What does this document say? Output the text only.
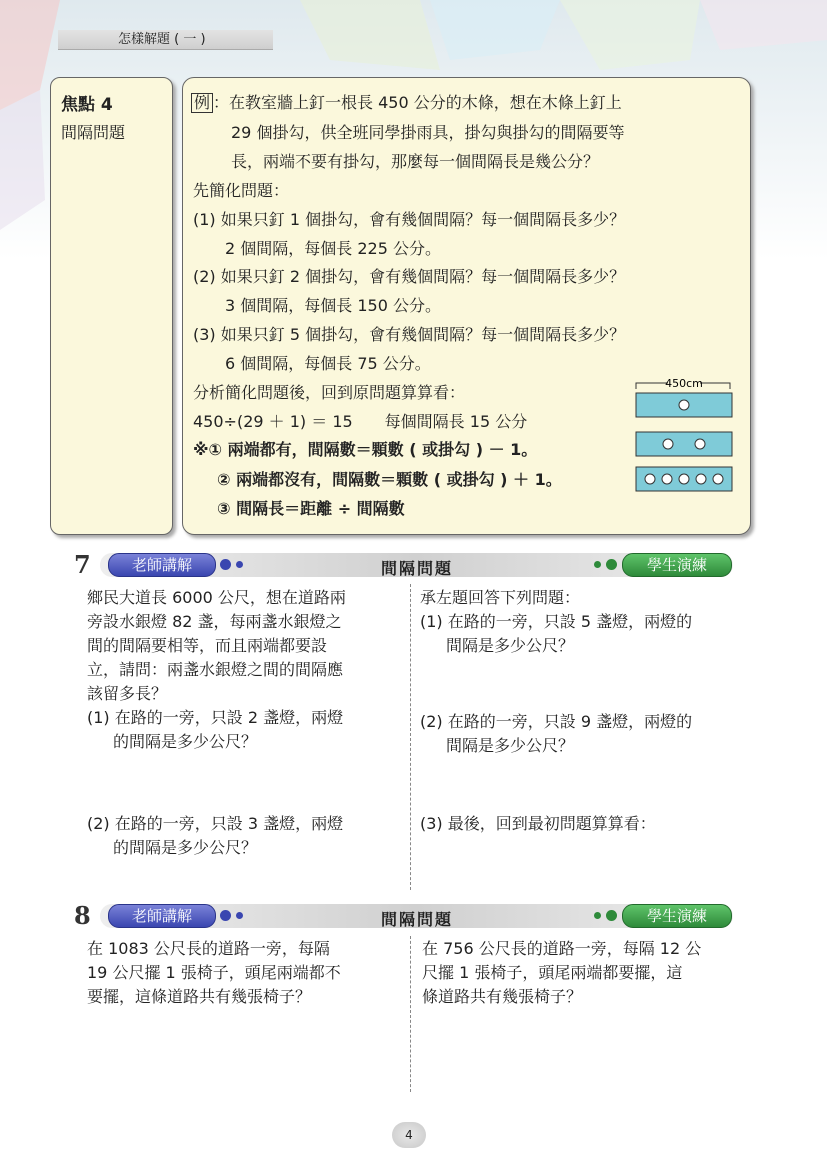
怎樣解題 ( 一 )
焦點 4
間隔問題
例 ：在教室牆上釘一根長 450 公分的木條，想在木條上釘上
29 個掛勾，供全班同學掛雨具，掛勾與掛勾的間隔要等
長，兩端不要有掛勾，那麼每一個間隔長是幾公分？
先簡化問題：
(1) 如果只釘 1 個掛勾，會有幾個間隔？每一個間隔長多少？
2 個間隔，每個長 225 公分。
(2) 如果只釘 2 個掛勾，會有幾個間隔？每一個間隔長多少？
3 個間隔，每個長 150 公分。
(3) 如果只釘 5 個掛勾，會有幾個間隔？每一個間隔長多少？
6 個間隔，每個長 75 公分。
分析簡化問題後，回到原問題算算看：
450÷(29 ＋ 1) ＝ 15　　每個間隔長 15 公分
※① 兩端都有，間隔數＝顆數 ( 或掛勾 ) － 1。
② 兩端都沒有，間隔數＝顆數 ( 或掛勾 ) ＋ 1。
③ 間隔長＝距離 ÷ 間隔數
450cm
7	老師講解	間隔問題	學生演練
鄉民大道長 6000 公尺，想在道路兩
旁設水銀燈 82 盞，每兩盞水銀燈之
間的間隔要相等，而且兩端都要設
立，請問：兩盞水銀燈之間的間隔應
該留多長？
(1) 在路的一旁，只設 2 盞燈，兩燈
的間隔是多少公尺？
(2) 在路的一旁，只設 3 盞燈，兩燈
的間隔是多少公尺？
承左題回答下列問題：
(1) 在路的一旁，只設 5 盞燈，兩燈的
間隔是多少公尺？
(2) 在路的一旁，只設 9 盞燈，兩燈的
間隔是多少公尺？
(3) 最後，回到最初問題算算看：
8	老師講解	間隔問題	學生演練
在 1083 公尺長的道路一旁，每隔
19 公尺擺 1 張椅子，頭尾兩端都不
要擺，這條道路共有幾張椅子？
在 756 公尺長的道路一旁，每隔 12 公
尺擺 1 張椅子，頭尾兩端都要擺，這
條道路共有幾張椅子？
4
